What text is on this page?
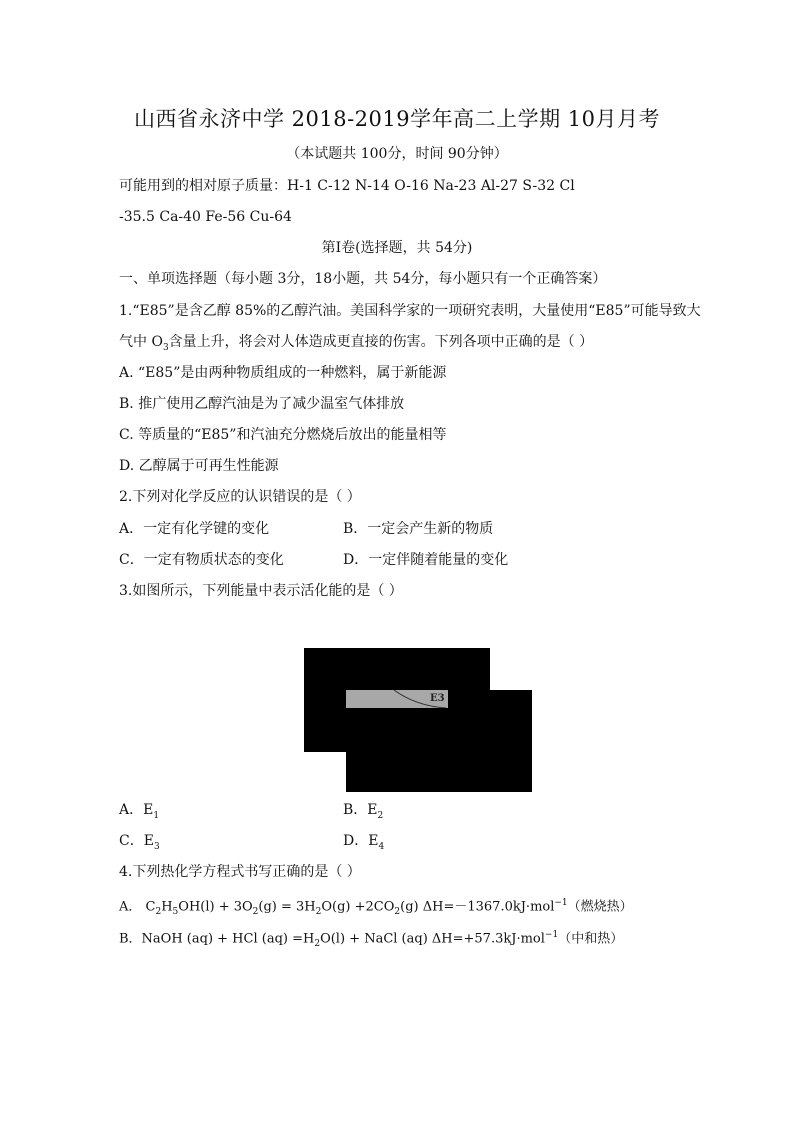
山西省永济中学 2018-2019学年高二上学期 10月月考
（本试题共 100分，时间 90分钟）
可能用到的相对原子质量：H-1 C-12 N-14 O-16 Na-23 Al-27 S-32 Cl
-35.5 Ca-40 Fe-56 Cu-64
第Ⅰ卷(选择题，共 54分)
一、单项选择题（每小题 3分，18小题，共 54分，每小题只有一个正确答案）
1.“E85”是含乙醇 85%的乙醇汽油。美国科学家的一项研究表明，大量使用“E85”可能导致大
气中 $O_3$含量上升，将会对人体造成更直接的伤害。下列各项中正确的是（ ）
A. “E85”是由两种物质组成的一种燃料，属于新能源
B. 推广使用乙醇汽油是为了减少温室气体排放
C. 等质量的“E85”和汽油充分燃烧后放出的能量相等
D. 乙醇属于可再生性能源
2.下列对化学反应的认识错误的是（ ）
A．一定有化学键的变化	B．一定会产生新的物质
C．一定有物质状态的变化	D．一定伴随着能量的变化
3.如图所示，下列能量中表示活化能的是（ ）
E3
A．$E_1$	B．$E_2$
C．$E_3$	D．$E_4$
4.下列热化学方程式书写正确的是（ ）
A． $C_2H_5OH(l) + 3O_2(g) = 3H_2O(g) +2CO_2(g)$ ΔH=－1367.0kJ·mol$^{-1}$（燃烧热）
B．NaOH (aq) + HCl $(aq) =H_2O(l)$ + NaCl (aq) ΔH=+57.3kJ·mol$^{-1}$（中和热）
